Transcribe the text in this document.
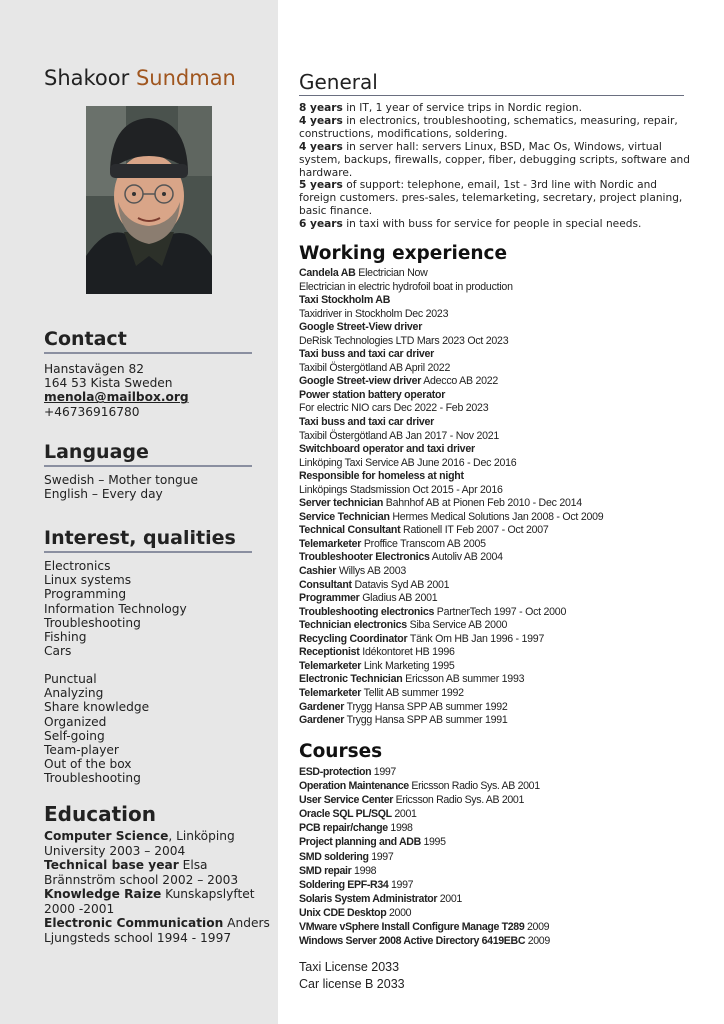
Shakoor Sundman
Contact
Hanstavägen 82
164 53 Kista Sweden
menola@mailbox.org
+46736916780
Language
Swedish – Mother tongue
English – Every day
Interest, qualities
Electronics
Linux systems
Programming
Information Technology
Troubleshooting
Fishing
Cars
Punctual
Analyzing
Share knowledge
Organized
Self-going
Team-player
Out of the box
Troubleshooting
Education
Computer Science, Linköping University 2003 – 2004
Technical base year Elsa Brännström school 2002 – 2003
Knowledge Raize Kunskapslyftet 2000 -2001
Electronic Communication Anders Ljungsteds school 1994 - 1997
General
8 years in IT, 1 year of service trips in Nordic region.
4 years in electronics, troubleshooting, schematics, measuring, repair, constructions, modifications, soldering.
4 years in server hall: servers Linux, BSD, Mac Os, Windows, virtual system, backups, firewalls, copper, fiber, debugging scripts, software and hardware.
5 years of support: telephone, email, 1st - 3rd line with Nordic and foreign customers. pres-sales, telemarketing, secretary, project planing, basic finance.
6 years in taxi with buss for service for people in special needs.
Working experience
Candela AB Electrician Now
Electrician in electric hydrofoil boat in production
Taxi Stockholm AB
Taxidriver in Stockholm Dec 2023
Google Street-View driver
DeRisk Technologies LTD Mars 2023 Oct 2023
Taxi buss and taxi car driver
Taxibil Östergötland AB April 2022
Google Street-view driver Adecco AB 2022
Power station battery operator
For electric NIO cars Dec 2022 - Feb 2023
Taxi buss and taxi car driver
Taxibil Östergötland AB Jan 2017 - Nov 2021
Switchboard operator and taxi driver
Linköping Taxi Service AB June 2016 - Dec 2016
Responsible for homeless at night
Linköpings Stadsmission Oct 2015 - Apr 2016
Server technician Bahnhof AB at Pionen Feb 2010 - Dec 2014
Service Technician Hermes Medical Solutions Jan 2008 - Oct 2009
Technical Consultant Rationell IT Feb 2007 - Oct 2007
Telemarketer Proffice Transcom AB 2005
Troubleshooter Electronics Autoliv AB 2004
Cashier Willys AB 2003
Consultant Datavis Syd AB 2001
Programmer Gladius AB 2001
Troubleshooting electronics PartnerTech 1997 - Oct 2000
Technician electronics Siba Service AB 2000
Recycling Coordinator Tänk Om HB Jan 1996 - 1997
Receptionist Idékontoret HB 1996
Telemarketer Link Marketing 1995
Electronic Technician Ericsson AB summer 1993
Telemarketer Tellit AB summer 1992
Gardener Trygg Hansa SPP AB summer 1992
Gardener Trygg Hansa SPP AB summer 1991
Courses
ESD-protection 1997
Operation Maintenance Ericsson Radio Sys. AB 2001
User Service Center Ericsson Radio Sys. AB 2001
Oracle SQL PL/SQL 2001
PCB repair/change 1998
Project planning and ADB 1995
SMD soldering 1997
SMD repair 1998
Soldering EPF-R34 1997
Solaris System Administrator 2001
Unix CDE Desktop 2000
VMware vSphere Install Configure Manage T289 2009
Windows Server 2008 Active Directory 6419EBC 2009
Taxi License 2033
Car license B 2033
